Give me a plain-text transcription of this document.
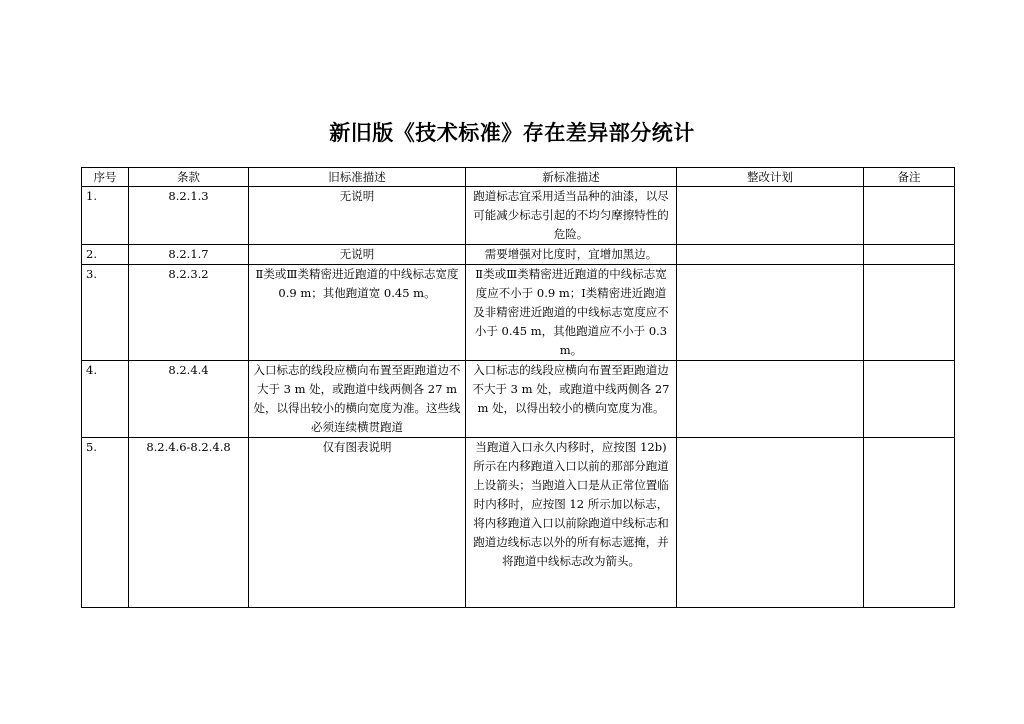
新旧版《技术标准》存在差异部分统计
序号	条款	旧标准描述	新标准描述	整改计划	备注
1.	8.2.1.3	无说明	跑道标志宜采用适当品种的油漆，以尽可能减少标志引起的不均匀摩擦特性的危险。		
2.	8.2.1.7	无说明	需要增强对比度时，宜增加黑边。		
3.	8.2.3.2	Ⅱ类或Ⅲ类精密进近跑道的中线标志宽度 0.9 m；其他跑道宽 0.45 m。	Ⅱ类或Ⅲ类精密进近跑道的中线标志宽度应不小于 0.9 m；Ⅰ类精密进近跑道及非精密进近跑道的中线标志宽度应不小于 0.45 m，其他跑道应不小于 0.3 m。		
4.	8.2.4.4	入口标志的线段应横向布置至距跑道边不大于 3 m 处，或跑道中线两侧各 27 m 处，以得出较小的横向宽度为准。这些线必须连续横贯跑道	入口标志的线段应横向布置至距跑道边不大于 3 m 处，或跑道中线两侧各 27 m 处，以得出较小的横向宽度为准。		
5.	8.2.4.6-8.2.4.8	仅有图表说明	当跑道入口永久内移时，应按图 12b) 所示在内移跑道入口以前的那部分跑道上设箭头；当跑道入口是从正常位置临时内移时，应按图 12 所示加以标志，将内移跑道入口以前除跑道中线标志和跑道边线标志以外的所有标志遮掩，并将跑道中线标志改为箭头。		
